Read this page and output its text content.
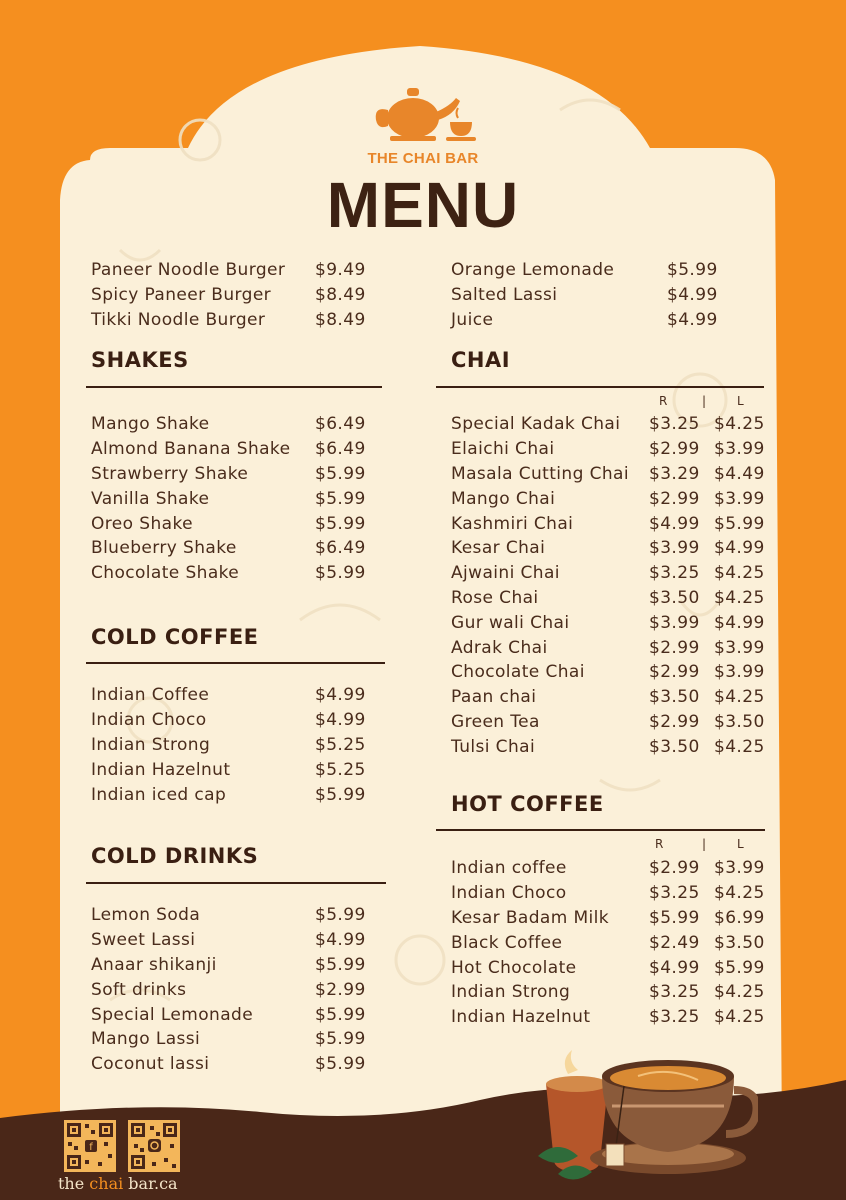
THE CHAI BAR
MENU
Paneer Noodle Burger $9.49
Spicy Paneer Burger	$8.49
Tikki Noodle Burger	$8.49
Orange Lemonade	$5.99
Salted Lassi	$4.99
Juice	$4.99
SHAKES
Mango Shake	$6.49
Almond Banana Shake $6.49
Strawberry Shake	$5.99
Vanilla Shake	$5.99
Oreo Shake	$5.99
Blueberry Shake	$6.49
Chocolate Shake	$5.99
COLD COFFEE
Indian Coffee	$4.99
Indian Choco	$4.99
Indian Strong	$5.25
Indian Hazelnut	$5.25
Indian iced cap	$5.99
COLD DRINKS
Lemon Soda	$5.99
Sweet Lassi	$4.99
Anaar shikanji	$5.99
Soft drinks	$2.99
Special Lemonade	$5.99
Mango Lassi	$5.99
Coconut lassi	$5.99
CHAI
R	|	L
Special Kadak Chai $3.25 $4.25
Elaichi Chai	$2.99 $3.99
Masala Cutting Chai $3.29 $4.49
Mango Chai	$2.99 $3.99
Kashmiri Chai	$4.99 $5.99
Kesar Chai	$3.99 $4.99
Ajwaini Chai	$3.25 $4.25
Rose Chai	$3.50 $4.25
Gur wali Chai	$3.99 $4.99
Adrak Chai	$2.99 $3.99
Chocolate Chai	$2.99 $3.99
Paan chai	$3.50 $4.25
Green Tea	$2.99 $3.50
Tulsi Chai	$3.50 $4.25
HOT COFFEE
R	|	L
Indian coffee	$2.99 $3.99
Indian Choco	$3.25 $4.25
Kesar Badam Milk $5.99 $6.99
Black Coffee	$2.49 $3.50
Hot Chocolate	$4.99 $5.99
Indian Strong	$3.25 $4.25
Indian Hazelnut	$3.25 $4.25
f
the chai bar.ca
